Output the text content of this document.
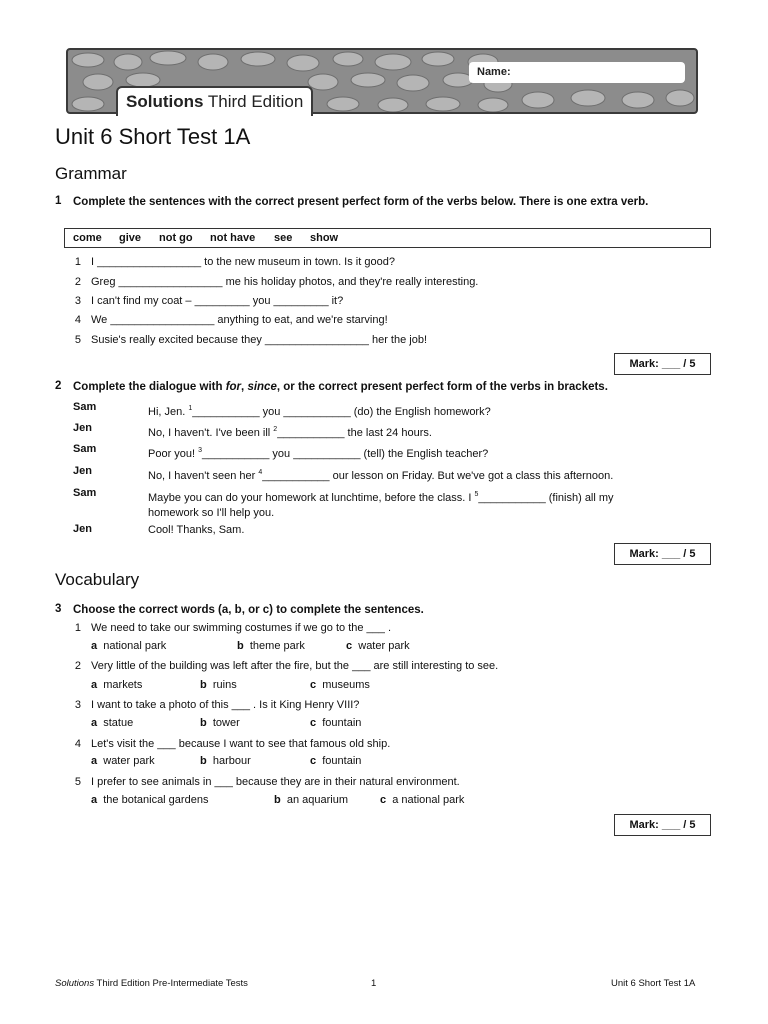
Name:
Solutions Third Edition
Unit 6 Short Test 1A
Grammar
1 Complete the sentences with the correct present perfect form of the verbs below. There is one extra verb.
come give not go not have see show
1 I _________________ to the new museum in town. Is it good?
2 Greg _________________ me his holiday photos, and they're really interesting.
3 I can't find my coat – _________ you _________ it?
4 We _________________ anything to eat, and we're starving!
5 Susie's really excited because they _________________ her the job!
Mark: ___ / 5
2 Complete the dialogue with for, since, or the correct present perfect form of the verbs in brackets.
Sam	Hi, Jen. $^1$___________ you ___________ (do) the English homework?
Jen	No, I haven't. I've been ill $^2$___________ the last 24 hours.
Sam	Poor you! $^3$___________ you ___________ (tell) the English teacher?
Jen	No, I haven't seen her $^4$___________ our lesson on Friday. But we've got a class this afternoon.
Sam	Maybe you can do your homework at lunchtime, before the class. I $^5$___________ (finish) all my homework so I'll help you.
Jen	Cool! Thanks, Sam.
Mark: ___ / 5
Vocabulary
3 Choose the correct words (a, b, or c) to complete the sentences.
1 We need to take our swimming costumes if we go to the ___ .
a national park	b theme park	c water park
2 Very little of the building was left after the fire, but the ___ are still interesting to see.
a markets	b ruins	c museums
3 I want to take a photo of this ___ . Is it King Henry VIII?
a statue	b tower	c fountain
4 Let's visit the ___ because I want to see that famous old ship.
a water park	b harbour	c fountain
5 I prefer to see animals in ___ because they are in their natural environment.
a the botanical gardens	b an aquarium	c a national park
Mark: ___ / 5
Solutions Third Edition Pre-Intermediate Tests	1	Unit 6 Short Test 1A
